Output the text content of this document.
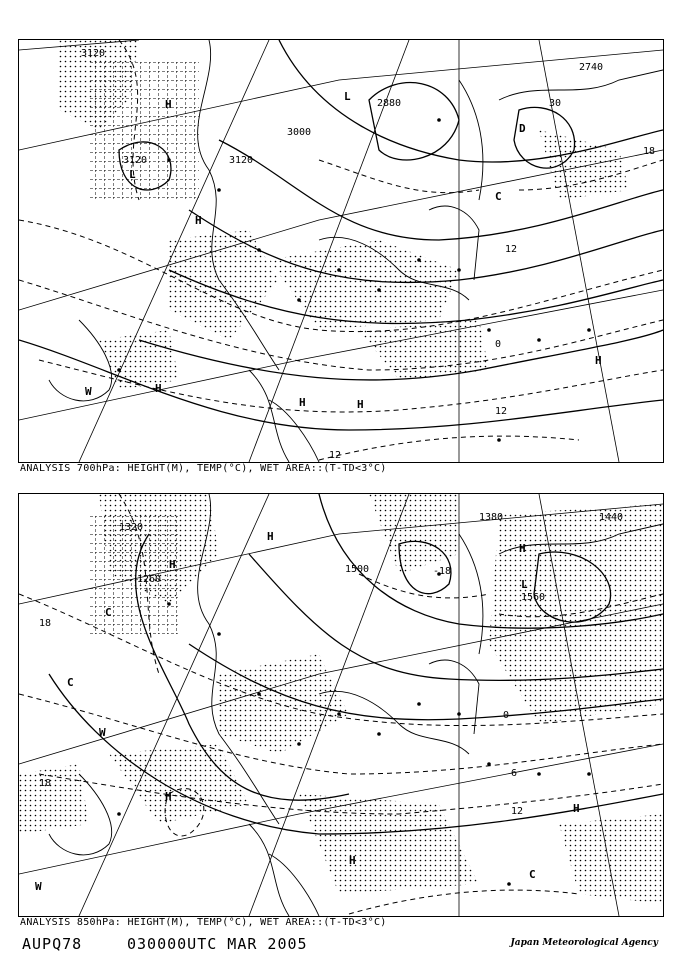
3120
3120	3120
3000
2880
2740
18
12
12
12
0
30
H
H
H
H	H
H
W
L
L
C
D
ANALYSIS 700hPa: HEIGHT(M), TEMP(°C), WET AREA::(T-TD<3°C)
1320
1380	1440
1500
1560
1260
18
18
12
0
6
-18
H
H
H
H
H
H
W
W
L
C
C
C
ANALYSIS 850hPa: HEIGHT(M), TEMP(°C), WET AREA::(T-TD<3°C)
AUPQ78	030000UTC MAR 2005	Japan Meteorological Agency
